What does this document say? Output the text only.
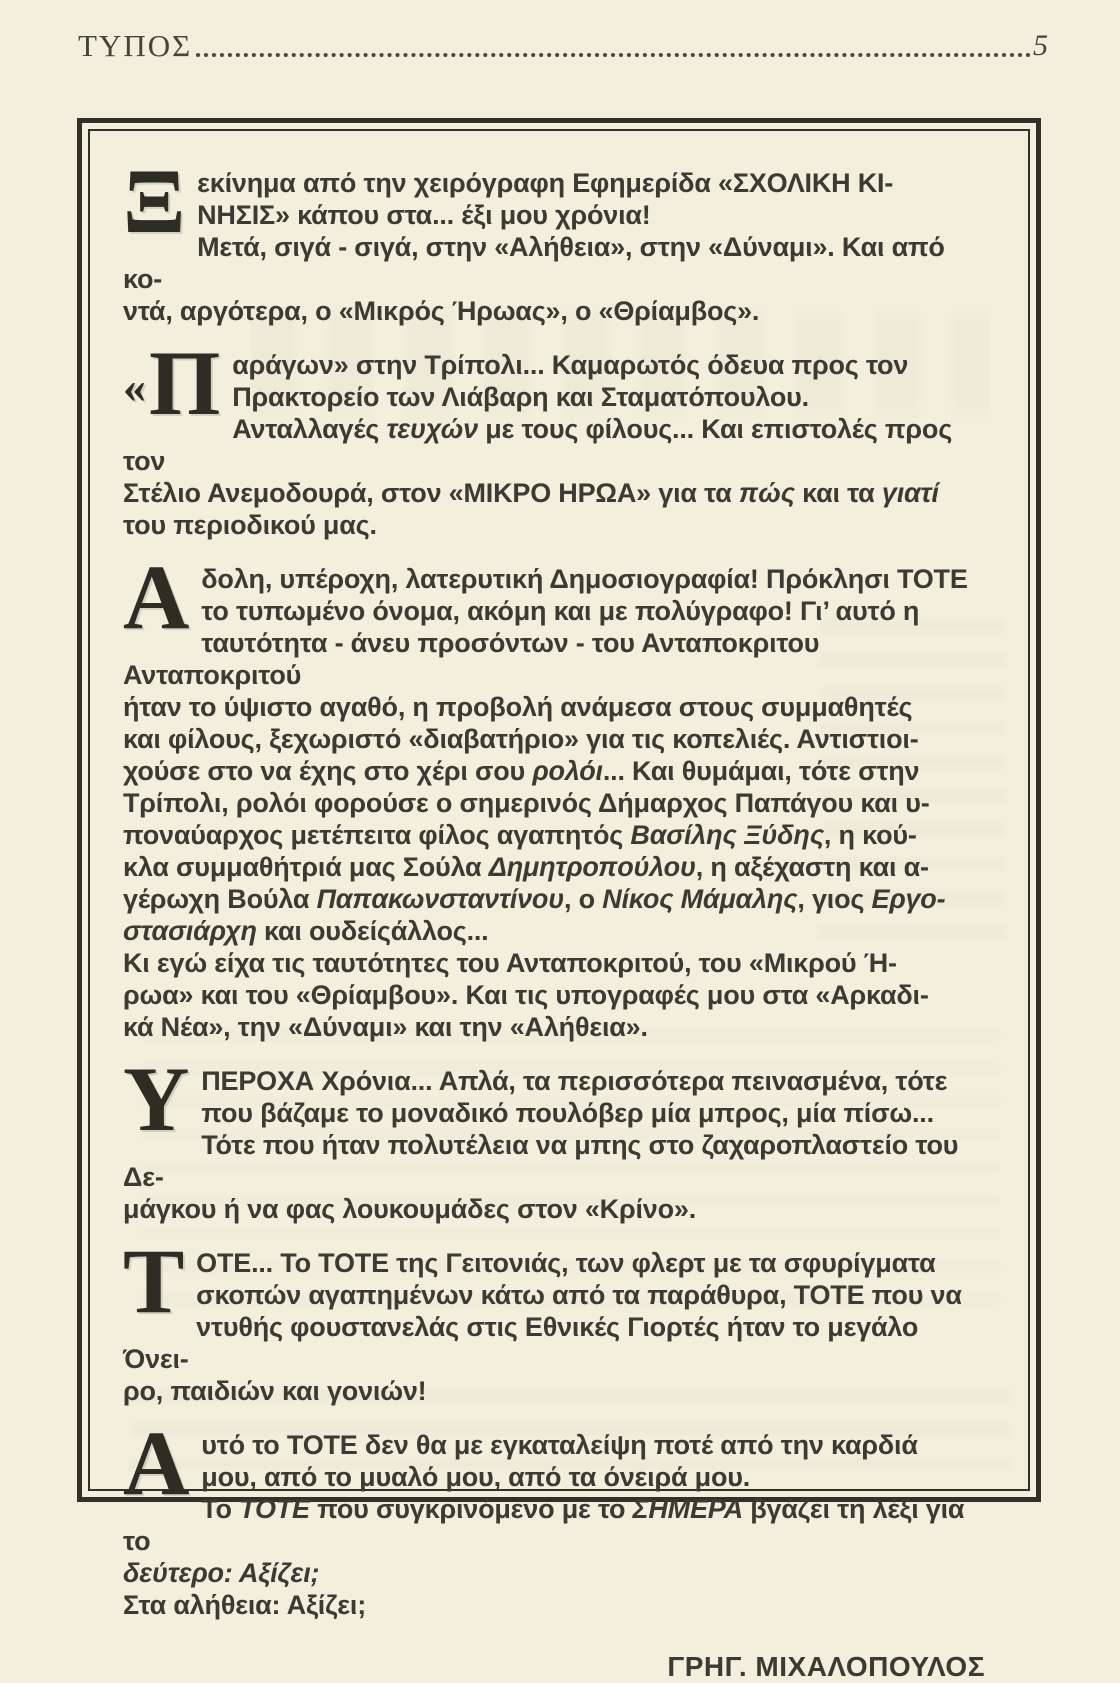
ΤΥΠΟΣ	5
Ξεκίνημα από την χειρόγραφη Εφημερίδα «ΣΧΟΛΙΚΗ ΚΙ-
ΝΗΣΙΣ» κάπου στα... έξι μου χρόνια!
Μετά, σιγά - σιγά, στην «Αλήθεια», στην «Δύναμι». Και από κο-
ντά, αργότερα, ο «Μικρός Ήρωας», ο «Θρίαμβος».
« Π αράγων» στην Τρίπολι... Καμαρωτός όδευα προς τον
Πρακτορείο των Λιάβαρη και Σταματόπουλου.
Ανταλλαγές τευχών με τους φίλους... Και επιστολές προς τον
Στέλιο Ανεμοδουρά, στον «ΜΙΚΡΟ ΗΡΩΑ» για τα πώς και τα γιατί
του περιοδικού μας.
Αδολη, υπέροχη, λατερυτική Δημοσιογραφία! Πρόκλησι ΤΟΤΕ
το τυπωμένο όνομα, ακόμη και με πολύγραφο! Γι’ αυτό η
ταυτότητα - άνευ προσόντων - του Ανταποκριτου Ανταποκριτού
ήταν το ύψιστο αγαθό, η προβολή ανάμεσα στους συμμαθητές
και φίλους, ξεχωριστό «διαβατήριο» για τις κοπελιές. Αντιστιοι-
χούσε στο να έχης στο χέρι σου ρολόι... Και θυμάμαι, τότε στην
Τρίπολι, ρολόι φορούσε ο σημερινός Δήμαρχος Παπάγου και υ-
ποναύαρχος μετέπειτα φίλος αγαπητός Βασίλης Ξύδης, η κού-
κλα συμμαθήτριά μας Σούλα Δημητροπούλου, η αξέχαστη και α-
γέρωχη Βούλα Παπακωνσταντίνου, ο Νίκος Μάμαλης, γιος Εργο-
στασιάρχη και ουδείςάλλος...
Κι εγώ είχα τις ταυτότητες του Ανταποκριτού, του «Μικρού Ή-
ρωα» και του «Θρίαμβου». Και τις υπογραφές μου στα «Αρκαδι-
κά Νέα», την «Δύναμι» και την «Αλήθεια».
ΥΠΕΡΟΧΑ Χρόνια... Απλά, τα περισσότερα πεινασμένα, τότε
που βάζαμε το μοναδικό πουλόβερ μία μπρος, μία πίσω...
Τότε που ήταν πολυτέλεια να μπης στο ζαχαροπλαστείο του Δε-
μάγκου ή να φας λουκουμάδες στον «Κρίνο».
ΤΟΤΕ... Το ΤΟΤΕ της Γειτονιάς, των φλερτ με τα σφυρίγματα
σκοπών αγαπημένων κάτω από τα παράθυρα, ΤΟΤΕ που να
ντυθής φουστανελάς στις Εθνικές Γιορτές ήταν το μεγάλο Όνει-
ρο, παιδιών και γονιών!
Αυτό το ΤΟΤΕ δεν θα με εγκαταλείψη ποτέ από την καρδιά
μου, από το μυαλό μου, από τα όνειρά μου.
Το ΤΟΤΕ που συγκρινόμενο με το ΣΗΜΕΡΑ βγάζει τη λέξι για το
δεύτερο: Αξίζει;
Στα αλήθεια: Αξίζει;
ΓΡΗΓ. ΜΙΧΑΛΟΠΟΥΛΟΣ
